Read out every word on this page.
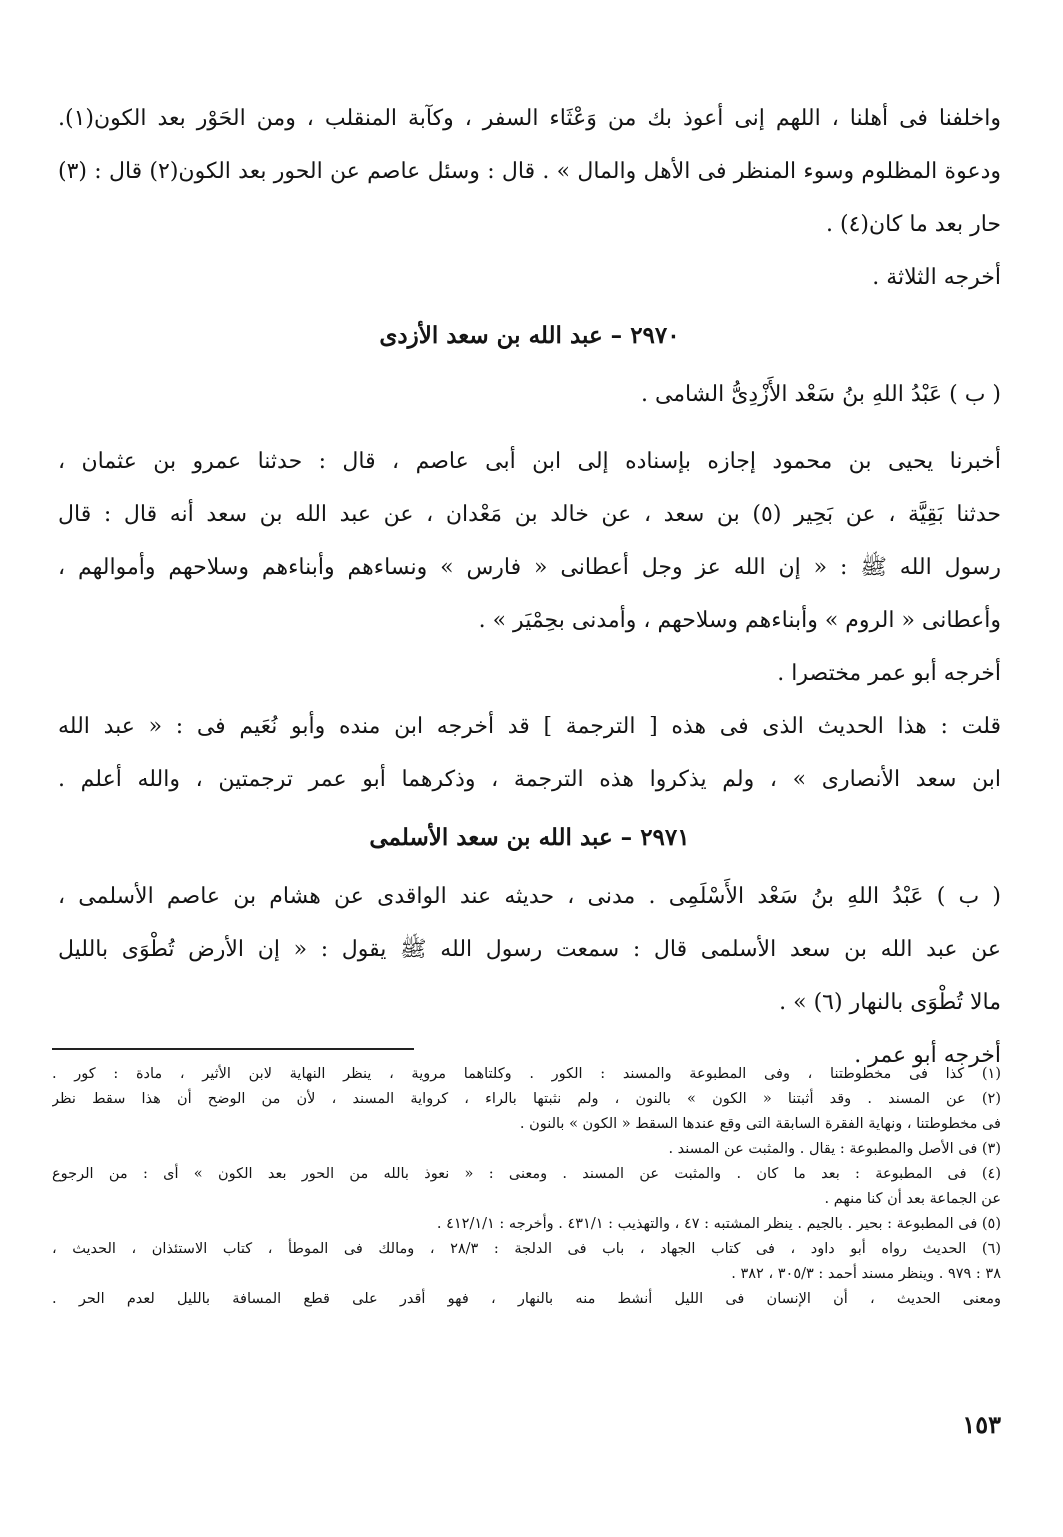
واخلفنا فى أهلنا ، اللهم إنى أعوذ بك من وَعْثَاء السفر ، وكآبة المنقلب ، ومن الحَوْر بعد الكون(١).
ودعوة المظلوم وسوء المنظر فى الأهل والمال » . قال : وسئل عاصم عن الحور بعد الكون(٢) قال : (٣)
حار بعد ما كان(٤) .
أخرجه الثلاثة .
٢٩٧٠ – عبد الله بن سعد الأزدى
( ب ) عَبْدُ اللهِ بنُ سَعْد الأَزْدِىُّ الشامى .
أخبرنا يحيى بن محمود إجازه بإسناده إلى ابن أبى عاصم ، قال : حدثنا عمرو بن عثمان ،
حدثنا بَقِيَّة ، عن بَحِير (٥) بن سعد ، عن خالد بن مَعْدان ، عن عبد الله بن سعد أنه قال : قال
رسول الله ﷺ : « إن الله عز وجل أعطانى « فارس » ونساءهم وأبناءهم وسلاحهم وأموالهم ،
وأعطانى « الروم » وأبناءهم وسلاحهم ، وأمدنى بحِمْيَر » .
أخرجه أبو عمر مختصرا .
قلت : هذا الحديث الذى فى هذه [ الترجمة ] قد أخرجه ابن منده وأبو نُعَيم فى : « عبد الله
ابن سعد الأنصارى » ، ولم يذكروا هذه الترجمة ، وذكرهما أبو عمر ترجمتين ، والله أعلم .
٢٩٧١ – عبد الله بن سعد الأسلمى
( ب ) عَبْدُ اللهِ بنُ سَعْد الأَسْلَمِى . مدنى ، حديثه عند الواقدى عن هشام بن عاصم الأسلمى ،
عن عبد الله بن سعد الأسلمى قال : سمعت رسول الله ﷺ يقول : « إن الأرض تُطْوَى بالليل
مالا تُطْوَى بالنهار (٦) » .
أخرجه أبو عمر .
(١) كذا فى مخطوطتنا ، وفى المطبوعة والمسند : الكور . وكلتاهما مروية ، ينظر النهاية لابن الأثير ، مادة : كور .
(٢) عن المسند . وقد أثبتنا « الكون » بالنون ، ولم نثبتها بالراء ، كرواية المسند ، لأن من الوضح أن هذا سقط نظر
فى مخطوطتنا ، ونهاية الفقرة السابقة التى وقع عندها السقط « الكون » بالنون .
(٣) فى الأصل والمطبوعة : يقال . والمثبت عن المسند .
(٤) فى المطبوعة : بعد ما كان . والمثبت عن المسند . ومعنى : « نعوذ بالله من الحور بعد الكون » أى : من الرجوع
عن الجماعة بعد أن كنا منهم .
(٥) فى المطبوعة : بحير . بالجيم . ينظر المشتبه : ٤٧ ، والتهذيب : ٤٣١/١ . وأخرجه : ٤١٢/١/١ .
(٦) الحديث رواه أبو داود ، فى كتاب الجهاد ، باب فى الدلجة : ٢٨/٣ ، ومالك فى الموطأ ، كتاب الاستئذان ، الحديث ،
٣٨ : ٩٧٩ . وينظر مسند أحمد : ٣٠٥/٣ ، ٣٨٢ .
ومعنى الحديث ، أن الإنسان فى الليل أنشط منه بالنهار ، فهو أقدر على قطع المسافة بالليل لعدم الحر .
١٥٣
